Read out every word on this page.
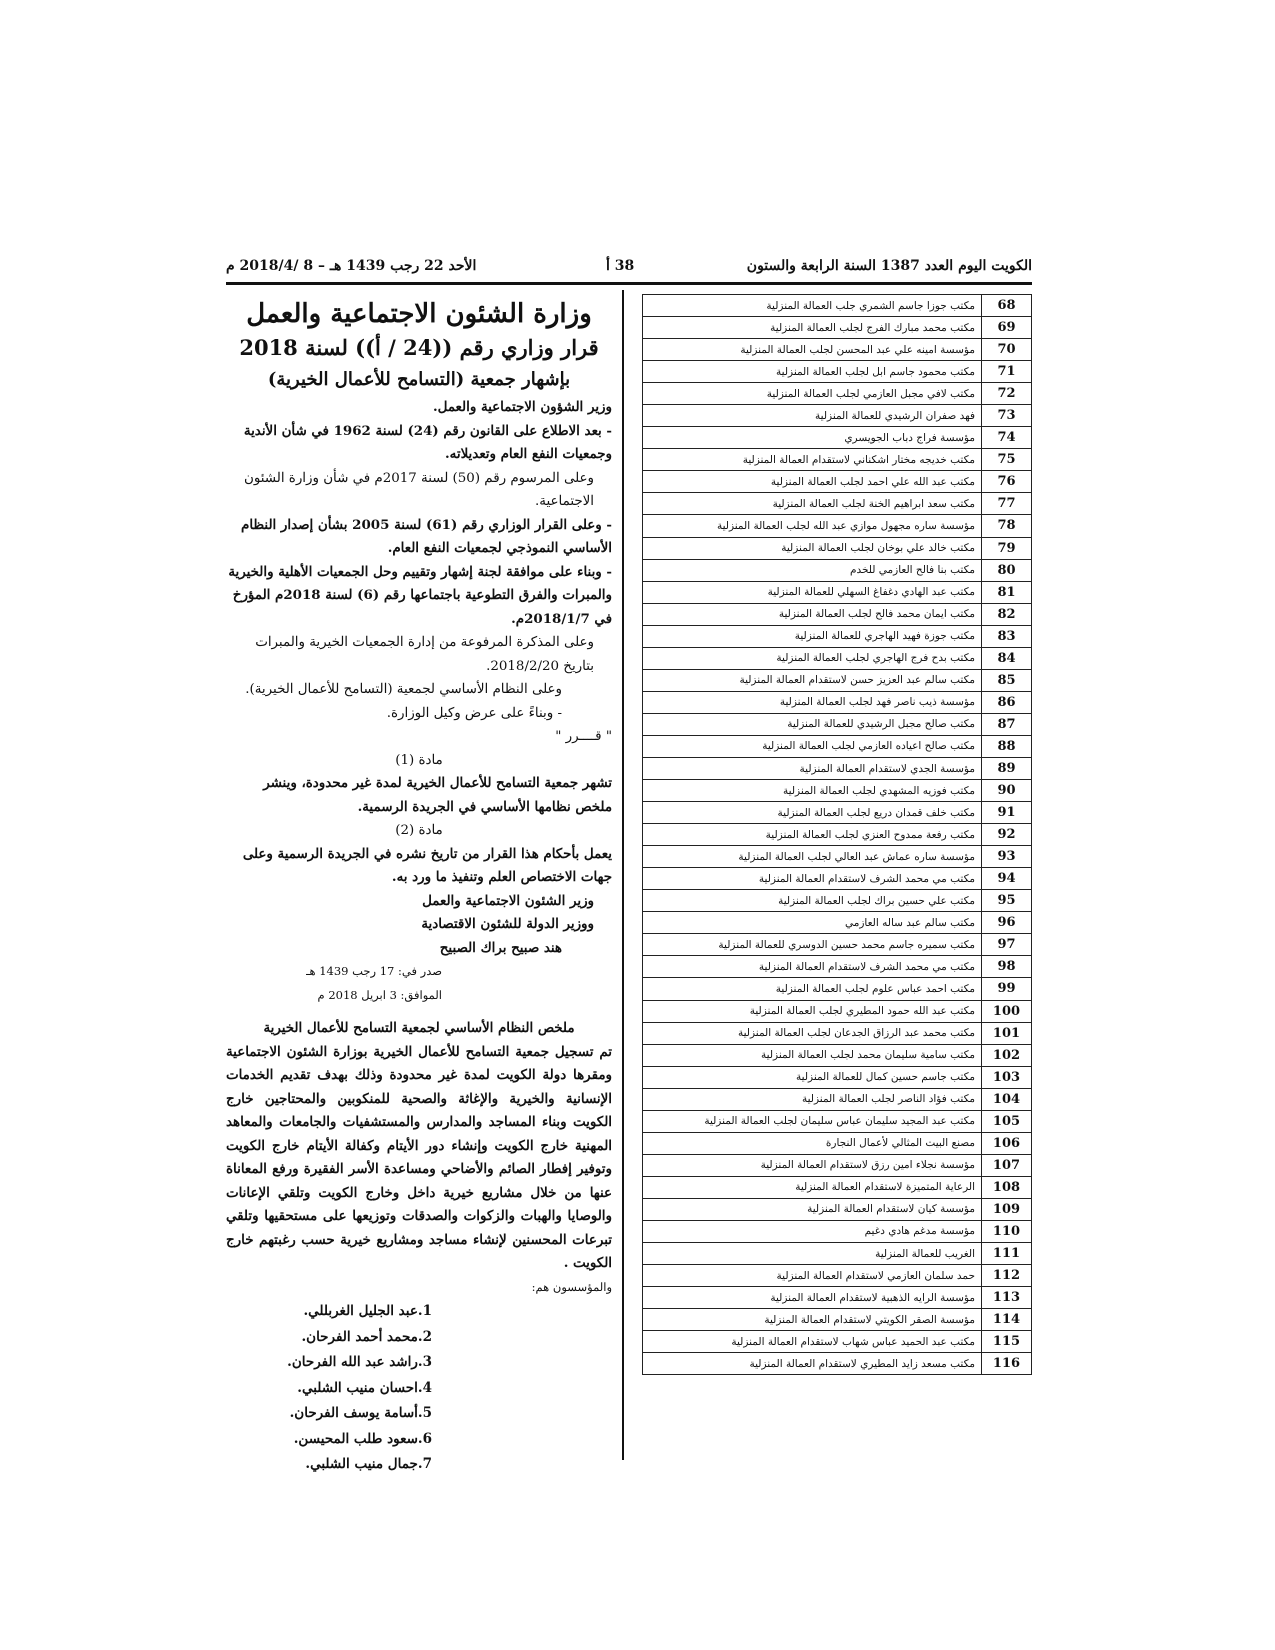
الكويت اليوم العدد 1387 السنة الرابعة والستون
38 أ
الأحد 22 رجب 1439 هـ – 8 /2018/4 م
68	مكتب جوزا جاسم الشمري جلب العمالة المنزلية
69	مكتب محمد مبارك الفرج لجلب العمالة المنزلية
70	مؤسسة امينه علي عبد المحسن لجلب العمالة المنزلية
71	مكتب محمود جاسم ابل لجلب العمالة المنزلية
72	مكتب لافي مجبل العازمي لجلب العمالة المنزلية
73	فهد صفران الرشيدي للعمالة المنزلية
74	مؤسسة فراج دباب الجويسري
75	مكتب خديجه مختار اشكناني لاستقدام العمالة المنزلية
76	مكتب عبد الله علي احمد لجلب العمالة المنزلية
77	مكتب سعد ابراهيم الخنة لجلب العمالة المنزلية
78	مؤسسة ساره مجهول موازي عبد الله لجلب العمالة المنزلية
79	مكتب خالد علي بوخان لجلب العمالة المنزلية
80	مكتب بنا فالح العازمي للخدم
81	مكتب عبد الهادي دغفاغ السهلي للعمالة المنزلية
82	مكتب ايمان محمد فالح لجلب العمالة المنزلية
83	مكتب جوزة فهيد الهاجري للعمالة المنزلية
84	مكتب بدح فرج الهاجري لجلب العمالة المنزلية
85	مكتب سالم عبد العزيز حسن لاستقدام العمالة المنزلية
86	مؤسسة ذيب ناصر فهد لجلب العمالة المنزلية
87	مكتب صالح مجبل الرشيدي للعمالة المنزلية
88	مكتب صالح اعياده العازمي لجلب العمالة المنزلية
89	مؤسسة الجدي لاستقدام العمالة المنزلية
90	مكتب فوزيه المشهدي لجلب العمالة المنزلية
91	مكتب خلف قمدان دريع لجلب العمالة المنزلية
92	مكتب رفعة ممدوح العنزي لجلب العمالة المنزلية
93	مؤسسة ساره عماش عبد العالي لجلب العمالة المنزلية
94	مكتب مي محمد الشرف لاستقدام العمالة المنزلية
95	مكتب علي حسين براك لجلب العمالة المنزلية
96	مكتب سالم عبد ساله العازمي
97	مكتب سميره جاسم محمد حسين الدوسري للعمالة المنزلية
98	مكتب مي محمد الشرف لاستقدام العمالة المنزلية
99	مكتب احمد عباس علوم لجلب العمالة المنزلية
100	مكتب عبد الله حمود المطيري لجلب العمالة المنزلية
101	مكتب محمد عبد الرزاق الجدعان لجلب العمالة المنزلية
102	مكتب سامية سليمان محمد لجلب العمالة المنزلية
103	مكتب جاسم حسين كمال للعمالة المنزلية
104	مكتب فؤاد الناصر لجلب العمالة المنزلية
105	مكتب عبد المجيد سليمان عباس سليمان لجلب العمالة المنزلية
106	مصنع البيت المثالي لأعمال النجارة
107	مؤسسة نجلاء امين رزق لاستقدام العمالة المنزلية
108	الرعاية المتميزة لاستقدام العمالة المنزلية
109	مؤسسة كيان لاستقدام العمالة المنزلية
110	مؤسسة مدغم هادي دغيم
111	الغريب للعمالة المنزلية
112	حمد سلمان العازمي لاستقدام العمالة المنزلية
113	مؤسسة الرايه الذهبية لاستقدام العمالة المنزلية
114	مؤسسة الصقر الكويتي لاستقدام العمالة المنزلية
115	مكتب عبد الحميد عباس شهاب لاستقدام العمالة المنزلية
116	مكتب مسعد زايد المطيري لاستقدام العمالة المنزلية

وزارة الشئون الاجتماعية والعمل

قرار وزاري رقم ((24 / أ)) لسنة 2018

بإشهار جمعية (التسامح للأعمال الخيرية)

وزير الشؤون الاجتماعية والعمل.

- بعد الاطلاع على القانون رقم (24) لسنة 1962 في شأن الأندية وجمعيات النفع العام وتعديلاته.

وعلى المرسوم رقم (50) لسنة 2017م في شأن وزارة الشئون الاجتماعية.

- وعلى القرار الوزاري رقم (61) لسنة 2005 بشأن إصدار النظام الأساسي النموذجي لجمعيات النفع العام.

- وبناء على موافقة لجنة إشهار وتقييم وحل الجمعيات الأهلية والخيرية والمبرات والفرق التطوعية باجتماعها رقم (6) لسنة 2018م المؤرخ في 2018/1/7م.

وعلى المذكرة المرفوعة من إدارة الجمعيات الخيرية والمبرات بتاريخ 2018/2/20.

وعلى النظام الأساسي لجمعية (التسامح للأعمال الخيرية).

- وبناءً على عرض وكيل الوزارة.

" قــــرر "

مادة (1)

تشهر جمعية التسامح للأعمال الخيرية لمدة غير محدودة، وينشر ملخص نظامها الأساسي في الجريدة الرسمية.

مادة (2)

يعمل بأحكام هذا القرار من تاريخ نشره في الجريدة الرسمية وعلى جهات الاختصاص العلم وتنفيذ ما ورد به.

وزير الشئون الاجتماعية والعمل

ووزير الدولة للشئون الاقتصادية

هند صبيح براك الصبيح

صدر في: 17 رجب 1439 هـ

الموافق: 3 ابريل 2018 م

ملخص النظام الأساسي لجمعية التسامح للأعمال الخيرية

تم تسجيل جمعية التسامح للأعمال الخيرية بوزارة الشئون الاجتماعية ومقرها دولة الكويت لمدة غير محدودة وذلك بهدف تقديم الخدمات الإنسانية والخيرية والإغاثة والصحية للمنكوبين والمحتاجين خارج الكويت وبناء المساجد والمدارس والمستشفيات والجامعات والمعاهد المهنية خارج الكويت وإنشاء دور الأيتام وكفالة الأيتام خارج الكويت وتوفير إفطار الصائم والأضاحي ومساعدة الأسر الفقيرة ورفع المعاناة عنها من خلال مشاريع خيرية داخل وخارج الكويت وتلقي الإعانات والوصايا والهبات والزكوات والصدقات وتوزيعها على مستحقيها وتلقي تبرعات المحسنين لإنشاء مساجد ومشاريع خيرية حسب رغبتهم خارج الكويت .

والمؤسسون هم:

1.عبد الجليل الغربللي.

2.محمد أحمد الفرحان.

3.راشد عبد الله الفرحان.

4.احسان منيب الشلبي.

5.أسامة يوسف الفرحان.

6.سعود طلب المحيسن.

7.جمال منيب الشلبي.
